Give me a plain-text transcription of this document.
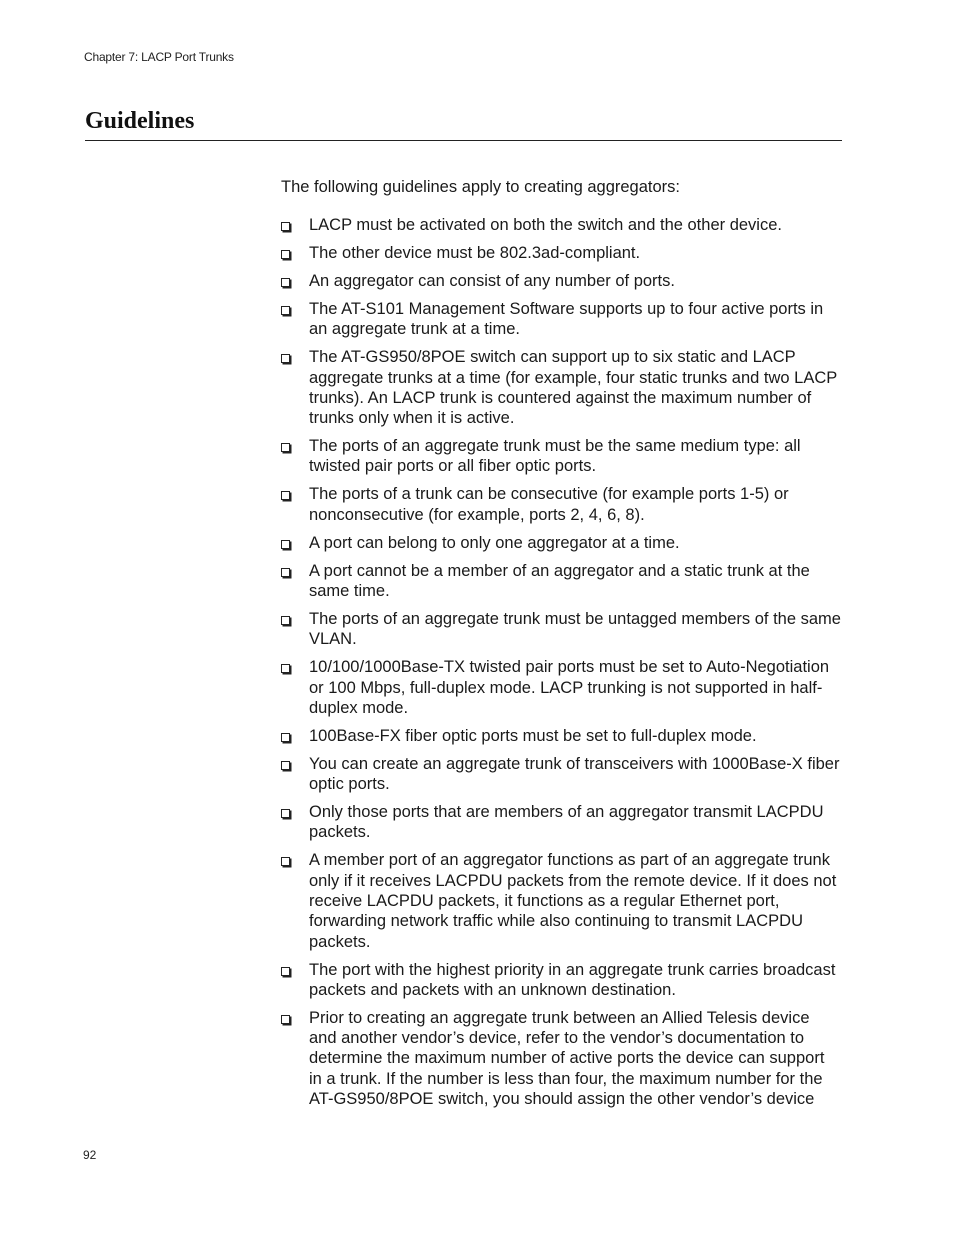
Chapter 7: LACP Port Trunks
Guidelines

The following guidelines apply to creating aggregators:

LACP must be activated on both the switch and the other device.
The other device must be 802.3ad-compliant.
An aggregator can consist of any number of ports.
The AT-S101 Management Software supports up to four active ports in an aggregate trunk at a time.
The AT-GS950/8POE switch can support up to six static and LACP aggregate trunks at a time (for example, four static trunks and two LACP trunks). An LACP trunk is countered against the maximum number of trunks only when it is active.
The ports of an aggregate trunk must be the same medium type: all twisted pair ports or all fiber optic ports.
The ports of a trunk can be consecutive (for example ports 1-5) or nonconsecutive (for example, ports 2, 4, 6, 8).
A port can belong to only one aggregator at a time.
A port cannot be a member of an aggregator and a static trunk at the same time.
The ports of an aggregate trunk must be untagged members of the same VLAN.
10/100/1000Base-TX twisted pair ports must be set to Auto-Negotiation or 100 Mbps, full-duplex mode. LACP trunking is not supported in half-duplex mode.
100Base-FX fiber optic ports must be set to full-duplex mode.
You can create an aggregate trunk of transceivers with 1000Base-X fiber optic ports.
Only those ports that are members of an aggregator transmit LACPDU packets.
A member port of an aggregator functions as part of an aggregate trunk only if it receives LACPDU packets from the remote device. If it does not receive LACPDU packets, it functions as a regular Ethernet port, forwarding network traffic while also continuing to transmit LACPDU packets.
The port with the highest priority in an aggregate trunk carries broadcast packets and packets with an unknown destination.
Prior to creating an aggregate trunk between an Allied Telesis device and another vendor’s device, refer to the vendor’s documentation to determine the maximum number of active ports the device can support in a trunk. If the number is less than four, the maximum number for the AT-GS950/8POE switch, you should assign the other vendor’s device
92
